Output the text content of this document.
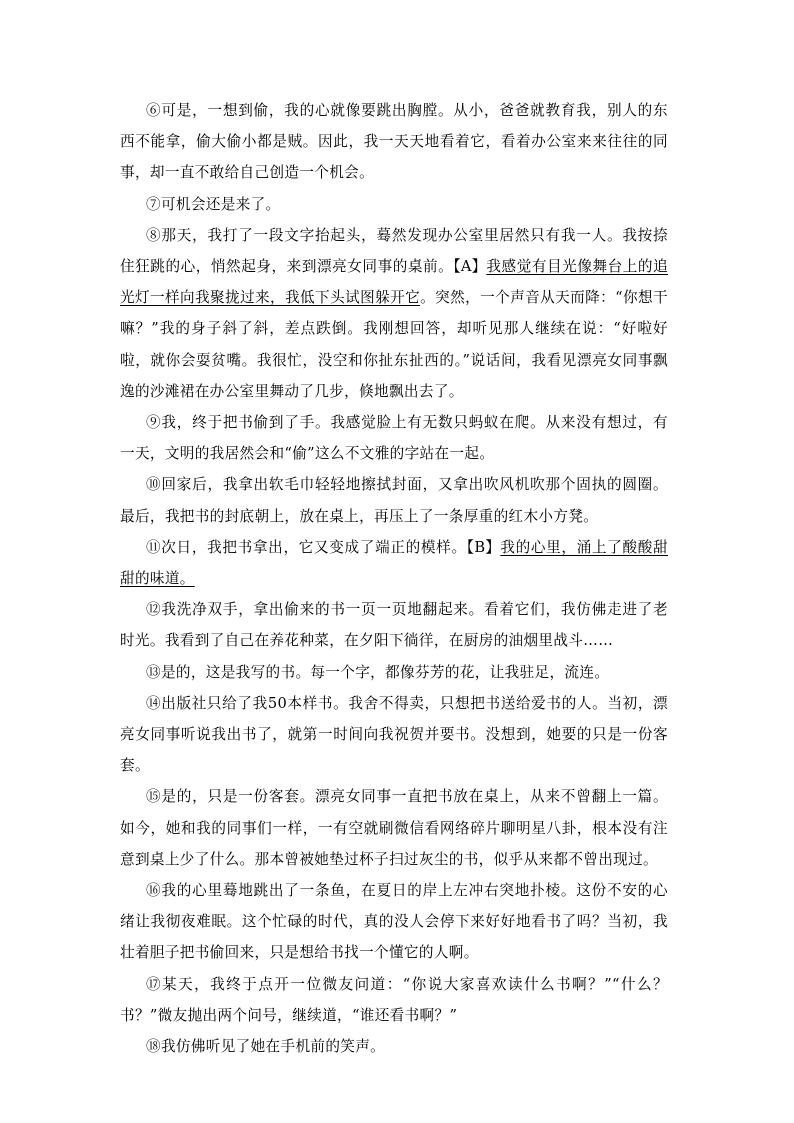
⑥可是，一想到偷，我的心就像要跳出胸膛。从小，爸爸就教育我，别人的东西不能拿，偷大偷小都是贼。因此，我一天天地看着它，看着办公室来来往往的同事，却一直不敢给自己创造一个机会。

⑦可机会还是来了。

⑧那天，我打了一段文字抬起头，蓦然发现办公室里居然只有我一人。我按捺住狂跳的心，悄然起身，来到漂亮女同事的桌前。【A】我感觉有目光像舞台上的追光灯一样向我聚拢过来，我低下头试图躲开它。突然，一个声音从天而降：“你想干嘛？”我的身子斜了斜，差点跌倒。我刚想回答，却听见那人继续在说：“好啦好啦，就你会耍贫嘴。我很忙，没空和你扯东扯西的。”说话间，我看见漂亮女同事飘逸的沙滩裙在办公室里舞动了几步，倏地飘出去了。

⑨我，终于把书偷到了手。我感觉脸上有无数只蚂蚁在爬。从来没有想过，有一天，文明的我居然会和“偷”这么不文雅的字站在一起。

⑩回家后，我拿出软毛巾轻轻地擦拭封面，又拿出吹风机吹那个固执的圆圈。最后，我把书的封底朝上，放在桌上，再压上了一条厚重的红木小方凳。

⑪次日，我把书拿出，它又变成了端正的模样。【B】我的心里，涌上了酸酸甜甜的味道。

⑫我洗净双手，拿出偷来的书一页一页地翻起来。看着它们，我仿佛走进了老时光。我看到了自己在养花种菜，在夕阳下徜徉，在厨房的油烟里战斗……

⑬是的，这是我写的书。每一个字，都像芬芳的花，让我驻足，流连。

⑭出版社只给了我50本样书。我舍不得卖，只想把书送给爱书的人。当初，漂亮女同事听说我出书了，就第一时间向我祝贺并要书。没想到，她要的只是一份客套。

⑮是的，只是一份客套。漂亮女同事一直把书放在桌上，从来不曾翻上一篇。如今，她和我的同事们一样，一有空就刷微信看网络碎片聊明星八卦，根本没有注意到桌上少了什么。那本曾被她垫过杯子扫过灰尘的书，似乎从来都不曾出现过。

⑯我的心里蓦地跳出了一条鱼，在夏日的岸上左冲右突地扑棱。这份不安的心绪让我彻夜难眠。这个忙碌的时代，真的没人会停下来好好地看书了吗？当初，我壮着胆子把书偷回来，只是想给书找一个懂它的人啊。

⑰某天，我终于点开一位微友问道：“你说大家喜欢读什么书啊？”“什么？书？”微友抛出两个问号，继续道，“谁还看书啊？”

⑱我仿佛听见了她在手机前的笑声。
